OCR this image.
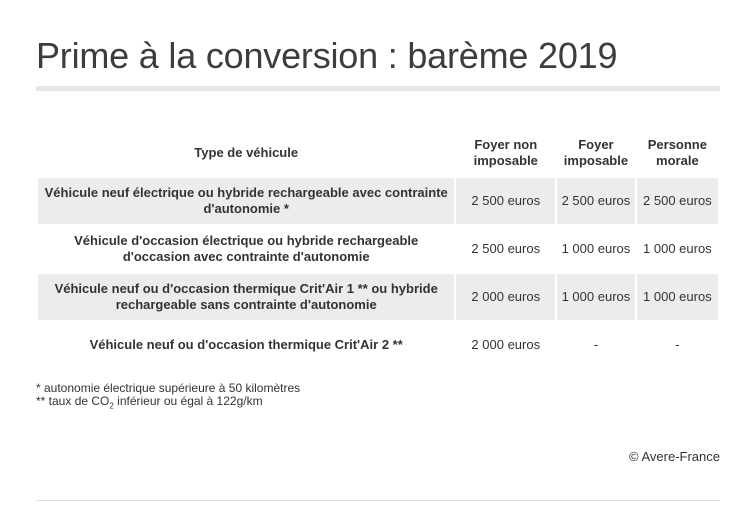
Prime à la conversion : barème 2019
Type de véhicule	Foyer non imposable	Foyer imposable	Personne morale
Véhicule neuf électrique ou hybride rechargeable avec contrainte d'autonomie *	2 500 euros	2 500 euros	2 500 euros
Véhicule d'occasion électrique ou hybride rechargeable d'occasion avec contrainte d'autonomie	2 500 euros	1 000 euros	1 000 euros
Véhicule neuf ou d'occasion thermique Crit'Air 1 ** ou hybride rechargeable sans contrainte d'autonomie	2 000 euros	1 000 euros	1 000 euros
Véhicule neuf ou d'occasion thermique Crit'Air 2 **	2 000 euros	-	-
* autonomie électrique supérieure à 50 kilomètres
** taux de $CO_2$ inférieur ou égal à 122g/km
© Avere-France
